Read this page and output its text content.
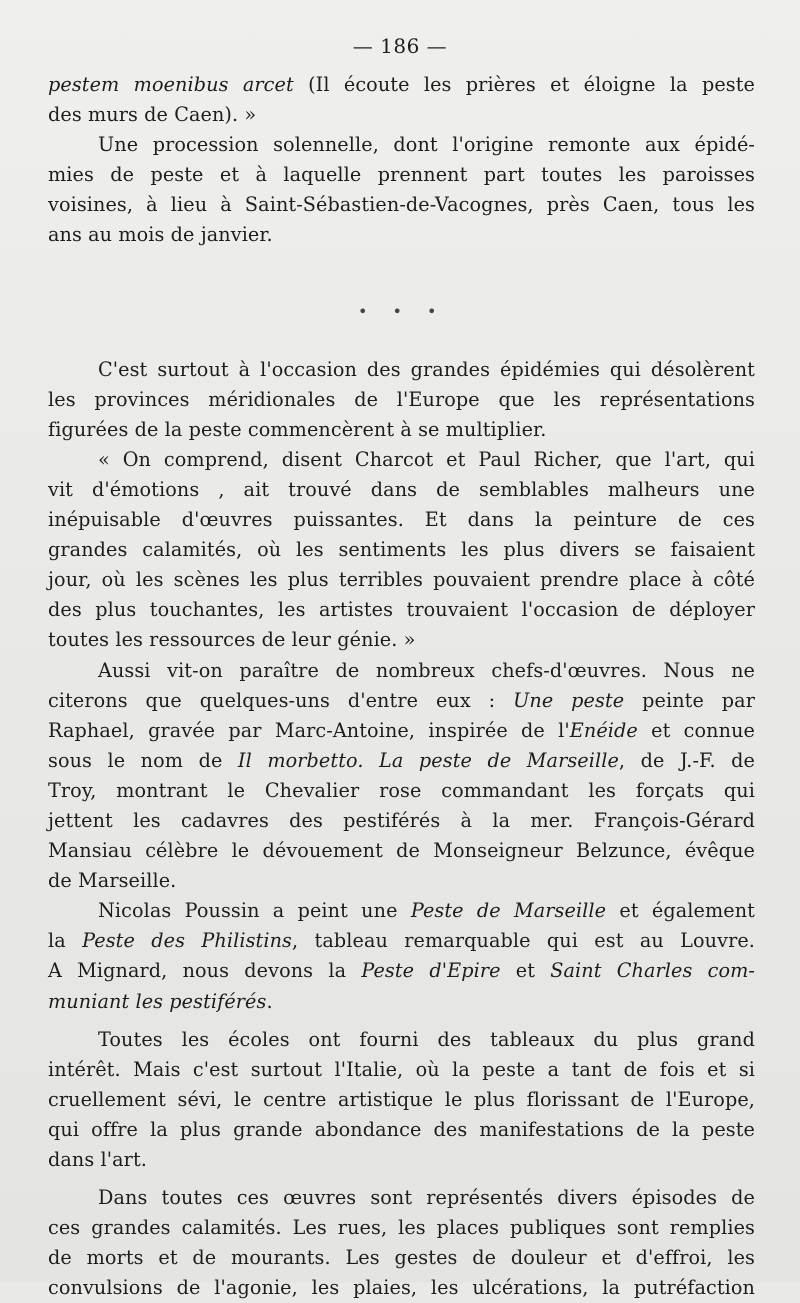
— 186 —
pestem moenibus arcet (Il écoute les prières et éloigne la peste
des murs de Caen). »
Une procession solennelle, dont l'origine remonte aux épidé-
mies de peste et à laquelle prennent part toutes les paroisses
voisines, à lieu à Saint-Sébastien-de-Vacognes, près Caen, tous les
ans au mois de janvier.
• • •
C'est surtout à l'occasion des grandes épidémies qui désolèrent
les provinces méridionales de l'Europe que les représentations
figurées de la peste commencèrent à se multiplier.
« On comprend, disent Charcot et Paul Richer, que l'art, qui
vit d'émotions , ait trouvé dans de semblables malheurs une
inépuisable d'œuvres puissantes. Et dans la peinture de ces
grandes calamités, où les sentiments les plus divers se faisaient
jour, où les scènes les plus terribles pouvaient prendre place à côté
des plus touchantes, les artistes trouvaient l'occasion de déployer
toutes les ressources de leur génie. »
Aussi vit-on paraître de nombreux chefs-d'œuvres. Nous ne
citerons que quelques-uns d'entre eux : Une peste peinte par
Raphael, gravée par Marc-Antoine, inspirée de l'Enéide et connue
sous le nom de Il morbetto. La peste de Marseille, de J.-F. de
Troy, montrant le Chevalier rose commandant les forçats qui
jettent les cadavres des pestiférés à la mer. François-Gérard
Mansiau célèbre le dévouement de Monseigneur Belzunce, évêque
de Marseille.
Nicolas Poussin a peint une Peste de Marseille et également
la Peste des Philistins, tableau remarquable qui est au Louvre.
A Mignard, nous devons la Peste d'Epire et Saint Charles com-
muniant les pestiférés.
Toutes les écoles ont fourni des tableaux du plus grand
intérêt. Mais c'est surtout l'Italie, où la peste a tant de fois et si
cruellement sévi, le centre artistique le plus florissant de l'Europe,
qui offre la plus grande abondance des manifestations de la peste
dans l'art.
Dans toutes ces œuvres sont représentés divers épisodes de
ces grandes calamités. Les rues, les places publiques sont remplies
de morts et de mourants. Les gestes de douleur et d'effroi, les
convulsions de l'agonie, les plaies, les ulcérations, la putréfaction
